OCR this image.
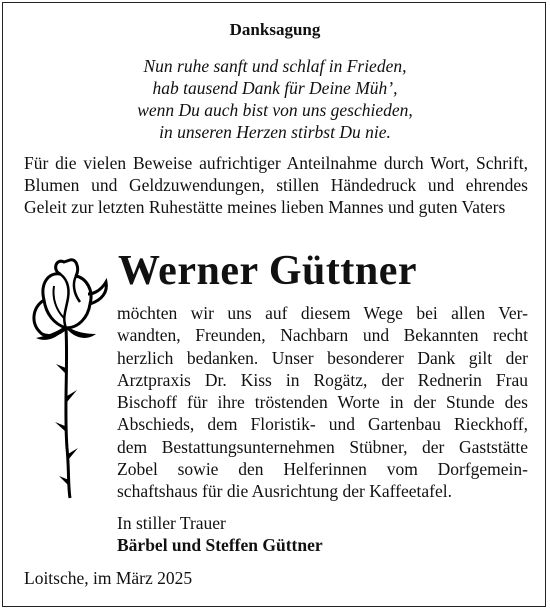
Danksagung
Nun ruhe sanft und schlaf in Frieden,
hab tausend Dank für Deine Müh’,
wenn Du auch bist von uns geschieden,
in unseren Herzen stirbst Du nie.
Für die vielen Beweise aufrichtiger Anteilnahme durch Wort, Schrift, Blumen und Geldzuwendungen, stillen Händedruck und ehrendes Geleit zur letzten Ruhestätte meines lieben Mannes und guten Vaters
Werner Güttner
möchten wir uns auf diesem Wege bei allen Ver-
wandten, Freunden, Nachbarn und Bekannten recht
herzlich bedanken. Unser besonderer Dank gilt der
Arztpraxis Dr. Kiss in Rogätz, der Rednerin Frau
Bischoff für ihre tröstenden Worte in der Stunde des
Abschieds, dem Floristik- und Gartenbau Rieckhoff,
dem Bestattungsunternehmen Stübner, der Gaststätte
Zobel sowie den Helferinnen vom Dorfgemein-
schaftshaus für die Ausrichtung der Kaffeetafel.
In stiller Trauer
Bärbel und Steffen Güttner
Loitsche, im März 2025
